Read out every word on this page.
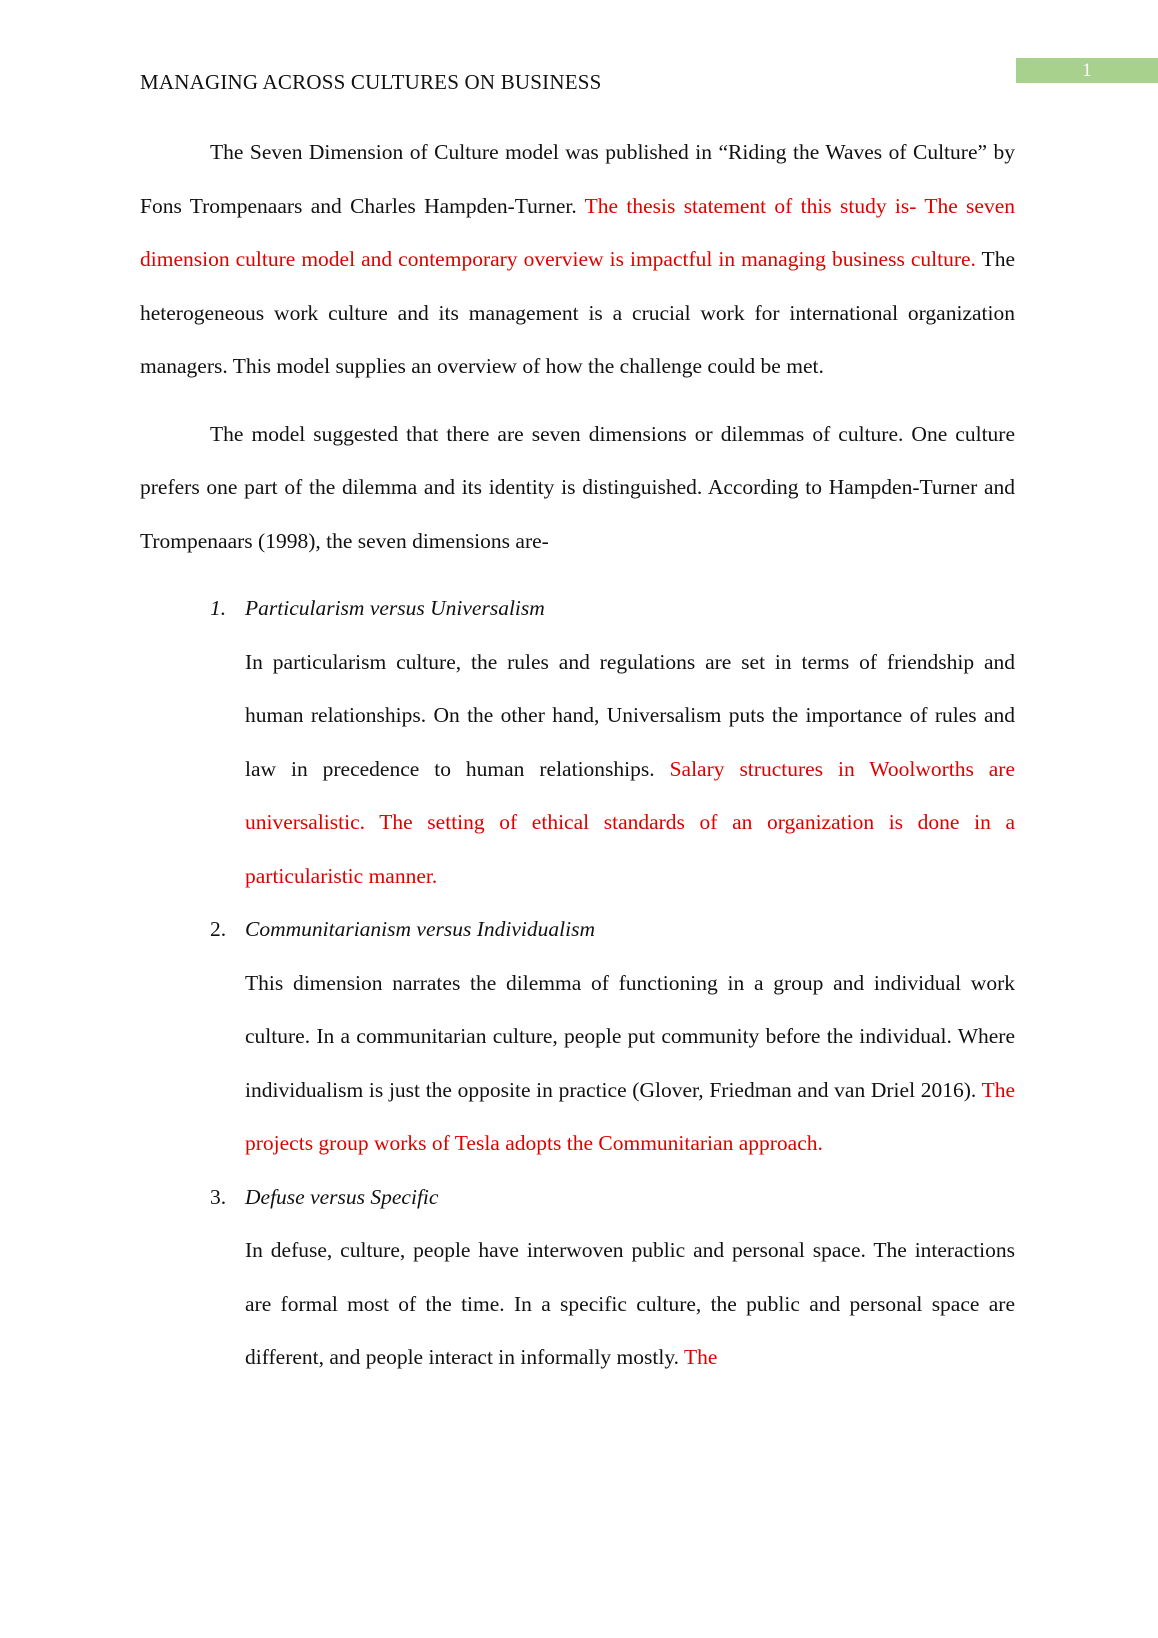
1
MANAGING ACROSS CULTURES ON BUSINESS

The Seven Dimension of Culture model was published in “Riding the Waves of Culture” by Fons Trompenaars and Charles Hampden-Turner. The thesis statement of this study is- The seven dimension culture model and contemporary overview is impactful in managing business culture. The heterogeneous work culture and its management is a crucial work for international organization managers. This model supplies an overview of how the challenge could be met.

The model suggested that there are seven dimensions or dilemmas of culture. One culture prefers one part of the dilemma and its identity is distinguished. According to Hampden-Turner and Trompenaars (1998), the seven dimensions are-

1. Particularism versus Universalism

In particularism culture, the rules and regulations are set in terms of friendship and human relationships. On the other hand, Universalism puts the importance of rules and law in precedence to human relationships. Salary structures in Woolworths are universalistic. The setting of ethical standards of an organization is done in a particularistic manner.

2. Communitarianism versus Individualism

This dimension narrates the dilemma of functioning in a group and individual work culture. In a communitarian culture, people put community before the individual. Where individualism is just the opposite in practice (Glover, Friedman and van Driel 2016). The projects group works of Tesla adopts the Communitarian approach.

3. Defuse versus Specific

In defuse, culture, people have interwoven public and personal space. The interactions are formal most of the time. In a specific culture, the public and personal space are different, and people interact in informally mostly. The
